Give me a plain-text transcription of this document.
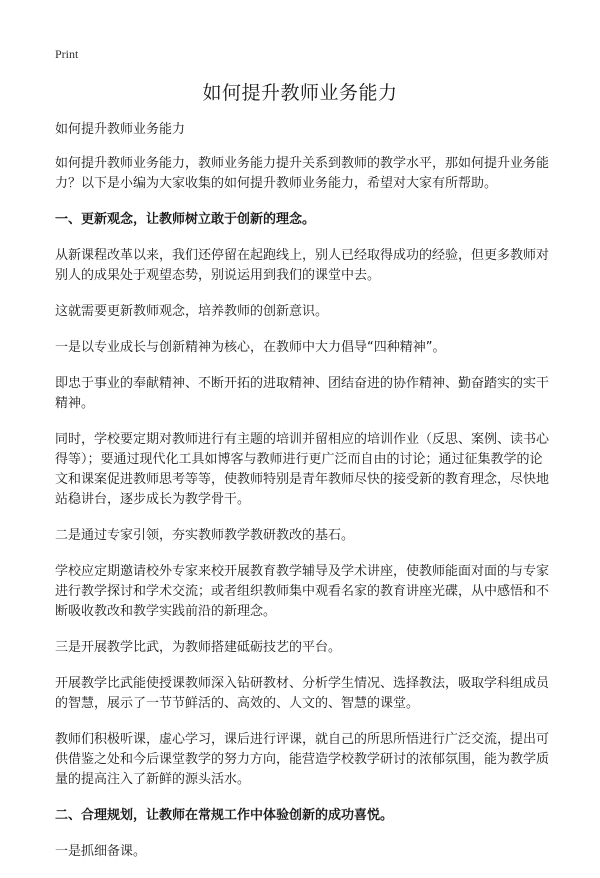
Print
如何提升教师业务能力

如何提升教师业务能力

如何提升教师业务能力，教师业务能力提升关系到教师的教学水平，那如何提升业务能力？以下是小编为大家收集的如何提升教师业务能力，希望对大家有所帮助。

一、更新观念，让教师树立敢于创新的理念。

从新课程改革以来，我们还停留在起跑线上，别人已经取得成功的经验，但更多教师对别人的成果处于观望态势，别说运用到我们的课堂中去。

这就需要更新教师观念，培养教师的创新意识。

一是以专业成长与创新精神为核心，在教师中大力倡导“四种精神”。

即忠于事业的奉献精神、不断开拓的进取精神、团结奋进的协作精神、勤奋踏实的实干精神。

同时，学校要定期对教师进行有主题的培训并留相应的培训作业（反思、案例、读书心得等）；要通过现代化工具如博客与教师进行更广泛而自由的讨论；通过征集教学的论文和课案促进教师思考等等，使教师特别是青年教师尽快的接受新的教育理念，尽快地站稳讲台，逐步成长为教学骨干。

二是通过专家引领，夯实教师教学教研教改的基石。

学校应定期邀请校外专家来校开展教育教学辅导及学术讲座，使教师能面对面的与专家进行教学探讨和学术交流；或者组织教师集中观看名家的教育讲座光碟，从中感悟和不断吸收教改和教学实践前沿的新理念。

三是开展教学比武，为教师搭建砥砺技艺的平台。

开展教学比武能使授课教师深入钻研教材、分析学生情况、选择教法，吸取学科组成员的智慧，展示了一节节鲜活的、高效的、人文的、智慧的课堂。

教师们积极听课，虚心学习，课后进行评课，就自己的所思所悟进行广泛交流，提出可供借鉴之处和今后课堂教学的努力方向，能营造学校教学研讨的浓郁氛围，能为教学质量的提高注入了新鲜的源头活水。

二、合理规划，让教师在常规工作中体验创新的成功喜悦。

一是抓细备课。
